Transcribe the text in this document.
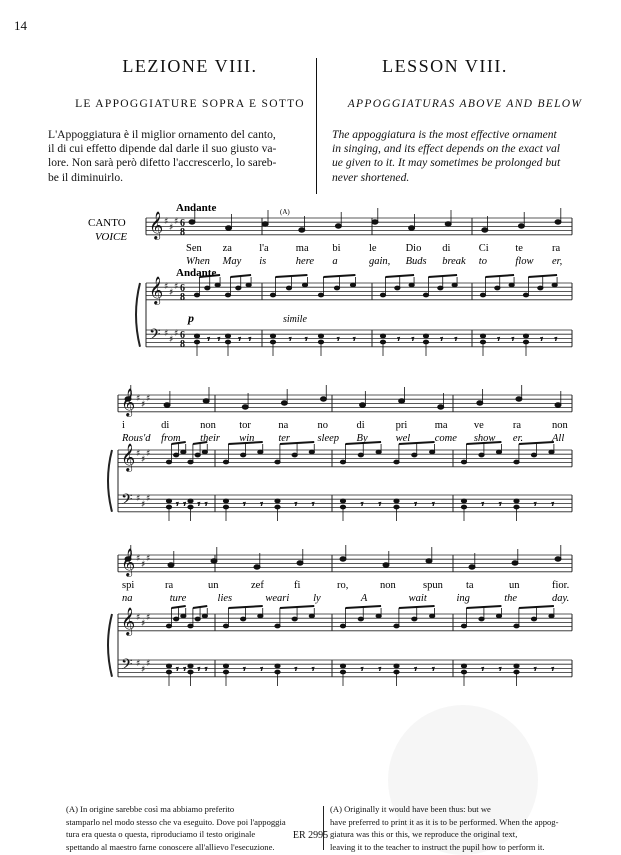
14
LEZIONE VIII.	LESSON VIII.
LE APPOGGIATURE SOPRA E SOTTO	APPOGGIATURAS ABOVE AND BELOW

L'Appoggiatura è il miglior ornamento del canto,

il di cui effetto dipende dal darle il suo giusto va-

lore. Non sarà però difetto l'accrescerlo, lo sareb-

be il diminuirlo.

The appoggiatura is the most effective ornament

in singing, and its effect depends on the exact val

ue given to it. It may sometimes be prolonged but

never shortened.

𝄾 𝄾 𝄾 𝄾	𝄾 𝄾	𝄾 𝄾	𝄾 𝄾	𝄾 𝄾	𝄾 𝄾	𝄾 𝄾
𝄾 𝄾 𝄾 𝄾	𝄾 𝄾	𝄾 𝄾	𝄾 𝄾	𝄾 𝄾	𝄾 𝄾	𝄾 𝄾
𝄾 𝄾 𝄾 𝄾	𝄾 𝄾	𝄾 𝄾	𝄾 𝄾	𝄾 𝄾	𝄾 𝄾	𝄾 𝄾
𝄞 ♯
♯
♯ 6
8
𝄞 ♯
♯
♯ 6
8
𝄢 ♯
♯
♯ 6
8
𝄞 ♯
♯
♯
𝄞 ♯
♯
♯
𝄢 ♯
♯
♯
𝄞 ♯
♯
♯
𝄞 ♯
♯
♯
𝄢 ♯
♯
♯
CANTO
VOICE
Andante
Andante
p	simile
(A)
Sen za	l'a	ma bi	le	Dio di	Ci	te	ra
When May is	here a	gain, Buds break to	flow er,
i	di	non tor	na	no	di	pri	ma	ve	ra	non
Rous'd from their win ter	sleep By	wel come show er.	All
spi	ra	un	zef	fi	ro,	non	spun ta	un	fior.
na	ture	lies	weari ly	A	wait	ing	the	day.

(A) In origine sarebbe così ma abbiamo preferito

stamparlo nel modo stesso che va eseguito. Dove poi l'appoggia

tura era questa o questa, riproduciamo il testo originale

spettando al maestro farne conoscere all'allievo l'esecuzione.

(A) Originally it would have been thus: but we

have preferred to print it as it is to be performed. When the appog-

giatura was this or this, we reproduce the original text,

leaving it to the teacher to instruct the pupil how to perform it.

ER 2995
